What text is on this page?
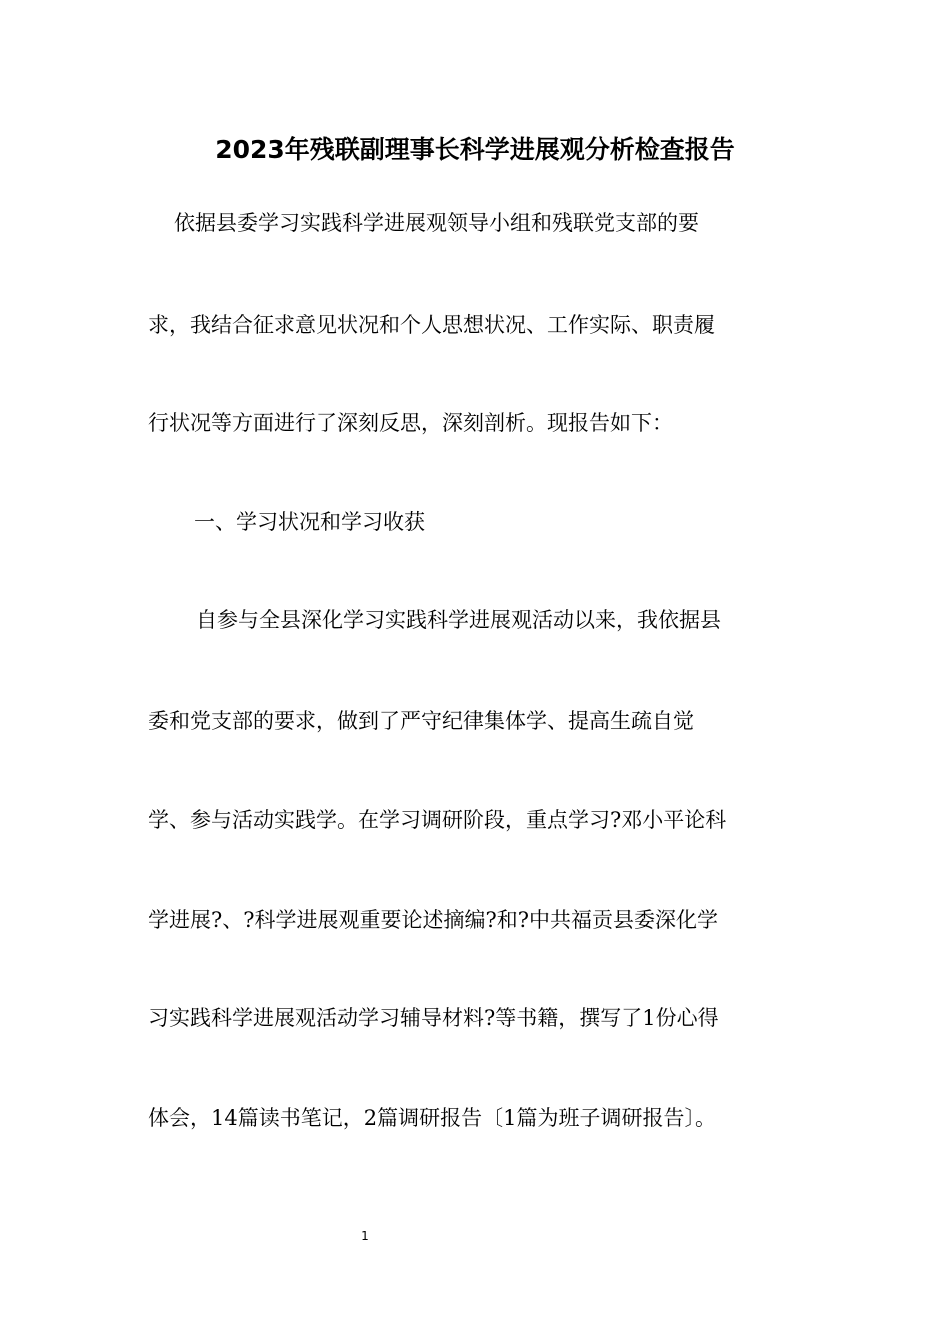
2023年残联副理事长科学进展观分析检查报告
依据县委学习实践科学进展观领导小组和残联党支部的要
求，我结合征求意见状况和个人思想状况、工作实际、职责履
行状况等方面进行了深刻反思，深刻剖析。现报告如下：
一、学习状况和学习收获
自参与全县深化学习实践科学进展观活动以来，我依据县
委和党支部的要求，做到了严守纪律集体学、提高生疏自觉
学、参与活动实践学。在学习调研阶段，重点学习?邓小平论科
学进展?、?科学进展观重要论述摘编?和?中共福贡县委深化学
习实践科学进展观活动学习辅导材料?等书籍，撰写了1份心得
体会，14篇读书笔记，2篇调研报告〔1篇为班子调研报告〕。
1
